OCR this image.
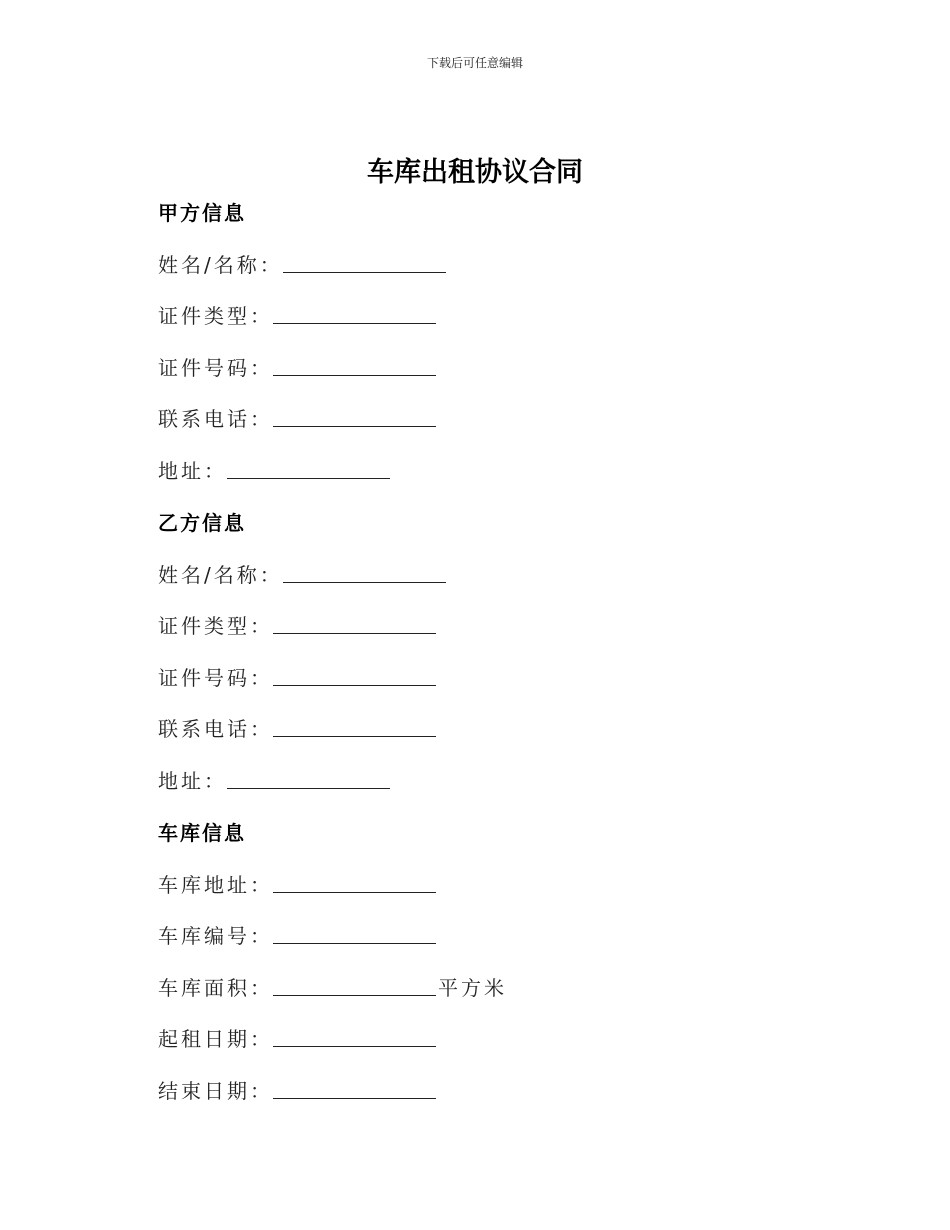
下载后可任意编辑
车库出租协议合同
甲方信息
姓名/名称：
证件类型：
证件号码：
联系电话：
地址：
乙方信息
姓名/名称：
证件类型：
证件号码：
联系电话：
地址：
车库信息
车库地址：
车库编号：
车库面积：	平方米
起租日期：
结束日期：
